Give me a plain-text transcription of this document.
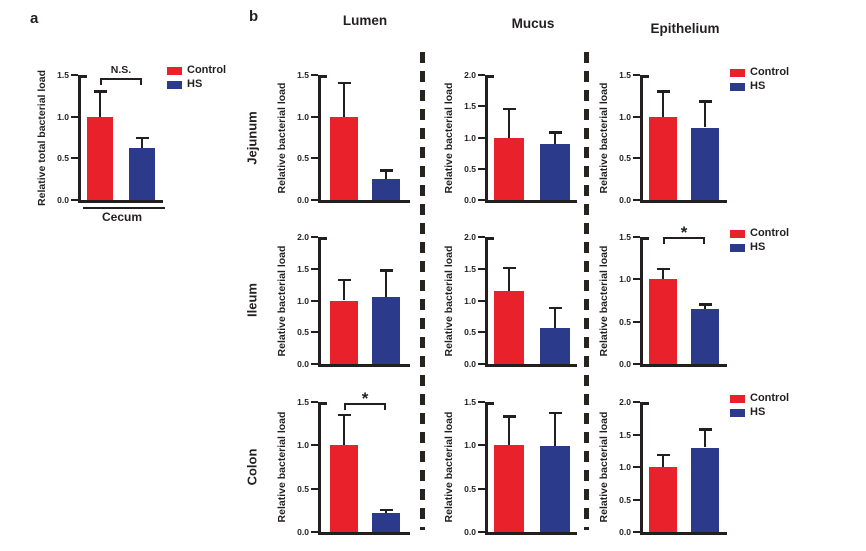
a	b	Lumen	Mucus	Epithelium
Jejunum
Ileum
Colon
Relative total bacterial load	0.0
0.5
1.0
1.5	N.S.
Cecum
Control
HS	Relative bacterial load
0.0
0.5
1.0
1.5
Relative bacterial load
0.0
0.5
1.0
1.5
2.0
Relative bacterial load
0.0
0.5
1.0
1.5	Control
HS
Relative bacterial load
0.0
0.5
1.0
1.5
2.0
Relative bacterial load
0.0
0.5
1.0
1.5
2.0
Relative bacterial load
0.0
0.5
1.0
1.5	*	Control
HS
Relative bacterial load
0.0
0.5
1.0
1.5	*
Relative bacterial load
0.0
0.5
1.0
1.5
Relative bacterial load
0.0
0.5
1.0
1.5
2.0	Control
HS
